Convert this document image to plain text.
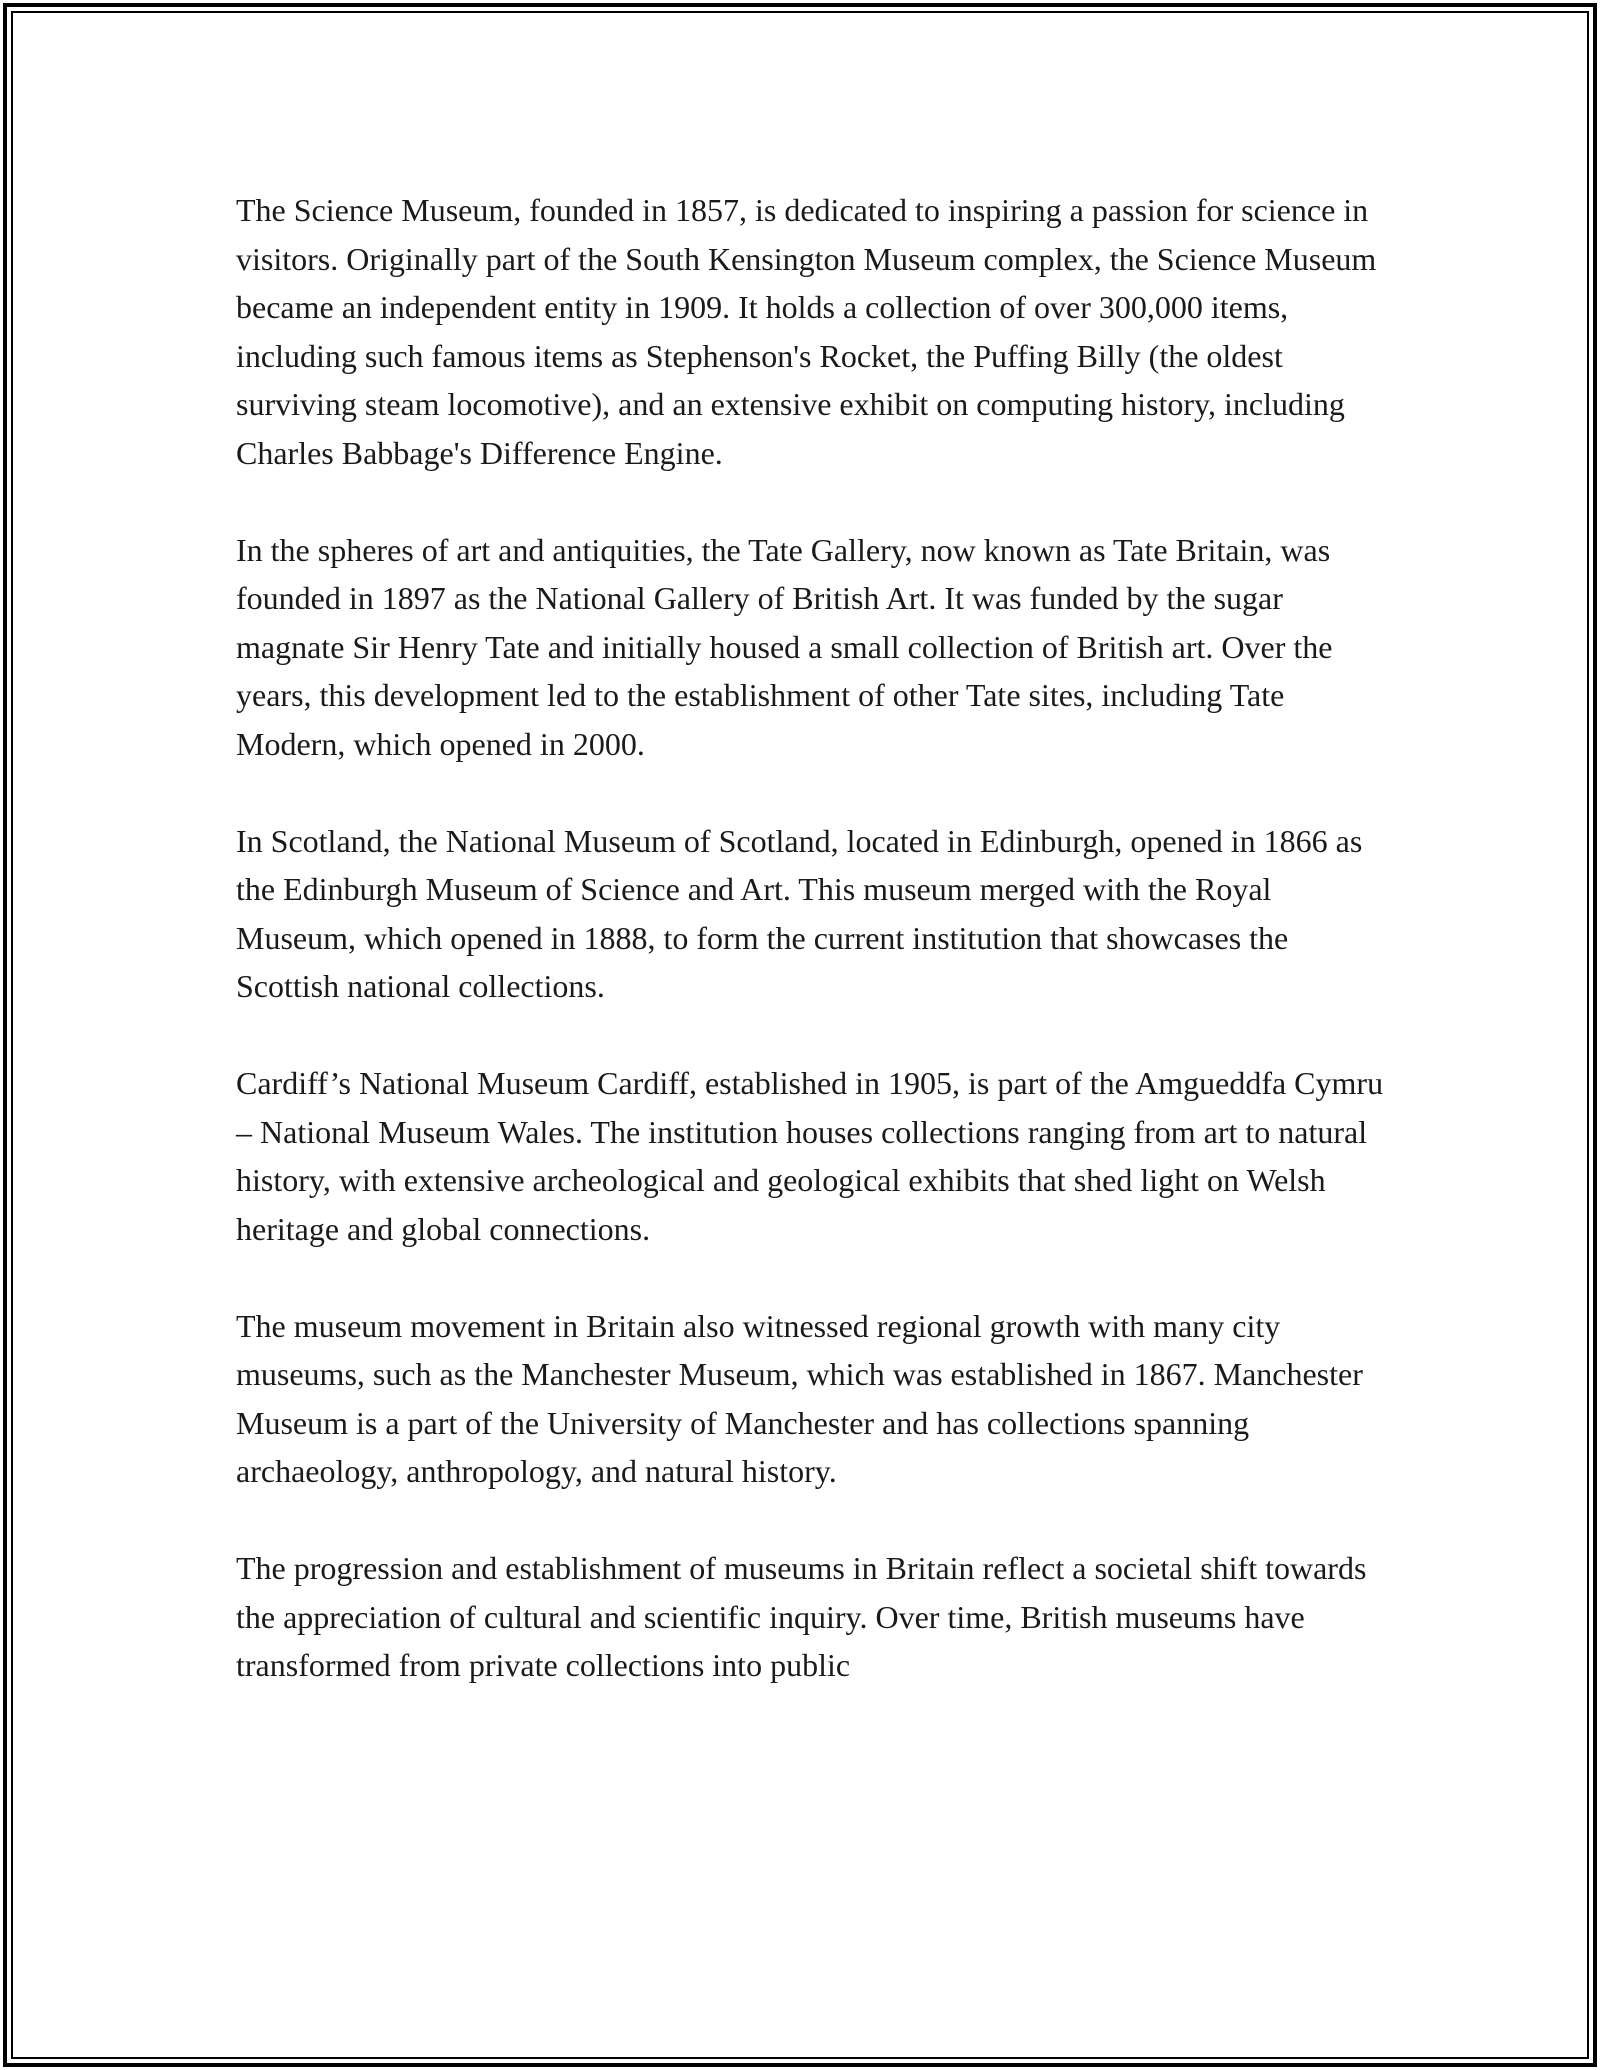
The Science Museum, founded in 1857, is dedicated to inspiring a passion for science in visitors. Originally part of the South Kensington Museum complex, the Science Museum became an independent entity in 1909. It holds a collection of over 300,000 items, including such famous items as Stephenson's Rocket, the Puffing Billy (the oldest surviving steam locomotive), and an extensive exhibit on computing history, including Charles Babbage's Difference Engine.

In the spheres of art and antiquities, the Tate Gallery, now known as Tate Britain, was founded in 1897 as the National Gallery of British Art. It was funded by the sugar magnate Sir Henry Tate and initially housed a small collection of British art. Over the years, this development led to the establishment of other Tate sites, including Tate Modern, which opened in 2000.

In Scotland, the National Museum of Scotland, located in Edinburgh, opened in 1866 as the Edinburgh Museum of Science and Art. This museum merged with the Royal Museum, which opened in 1888, to form the current institution that showcases the Scottish national collections.

Cardiff’s National Museum Cardiff, established in 1905, is part of the Amgueddfa Cymru – National Museum Wales. The institution houses collections ranging from art to natural history, with extensive archeological and geological exhibits that shed light on Welsh heritage and global connections.

The museum movement in Britain also witnessed regional growth with many city museums, such as the Manchester Museum, which was established in 1867. Manchester Museum is a part of the University of Manchester and has collections spanning archaeology, anthropology, and natural history.

The progression and establishment of museums in Britain reflect a societal shift towards the appreciation of cultural and scientific inquiry. Over time, British museums have transformed from private collections into public
